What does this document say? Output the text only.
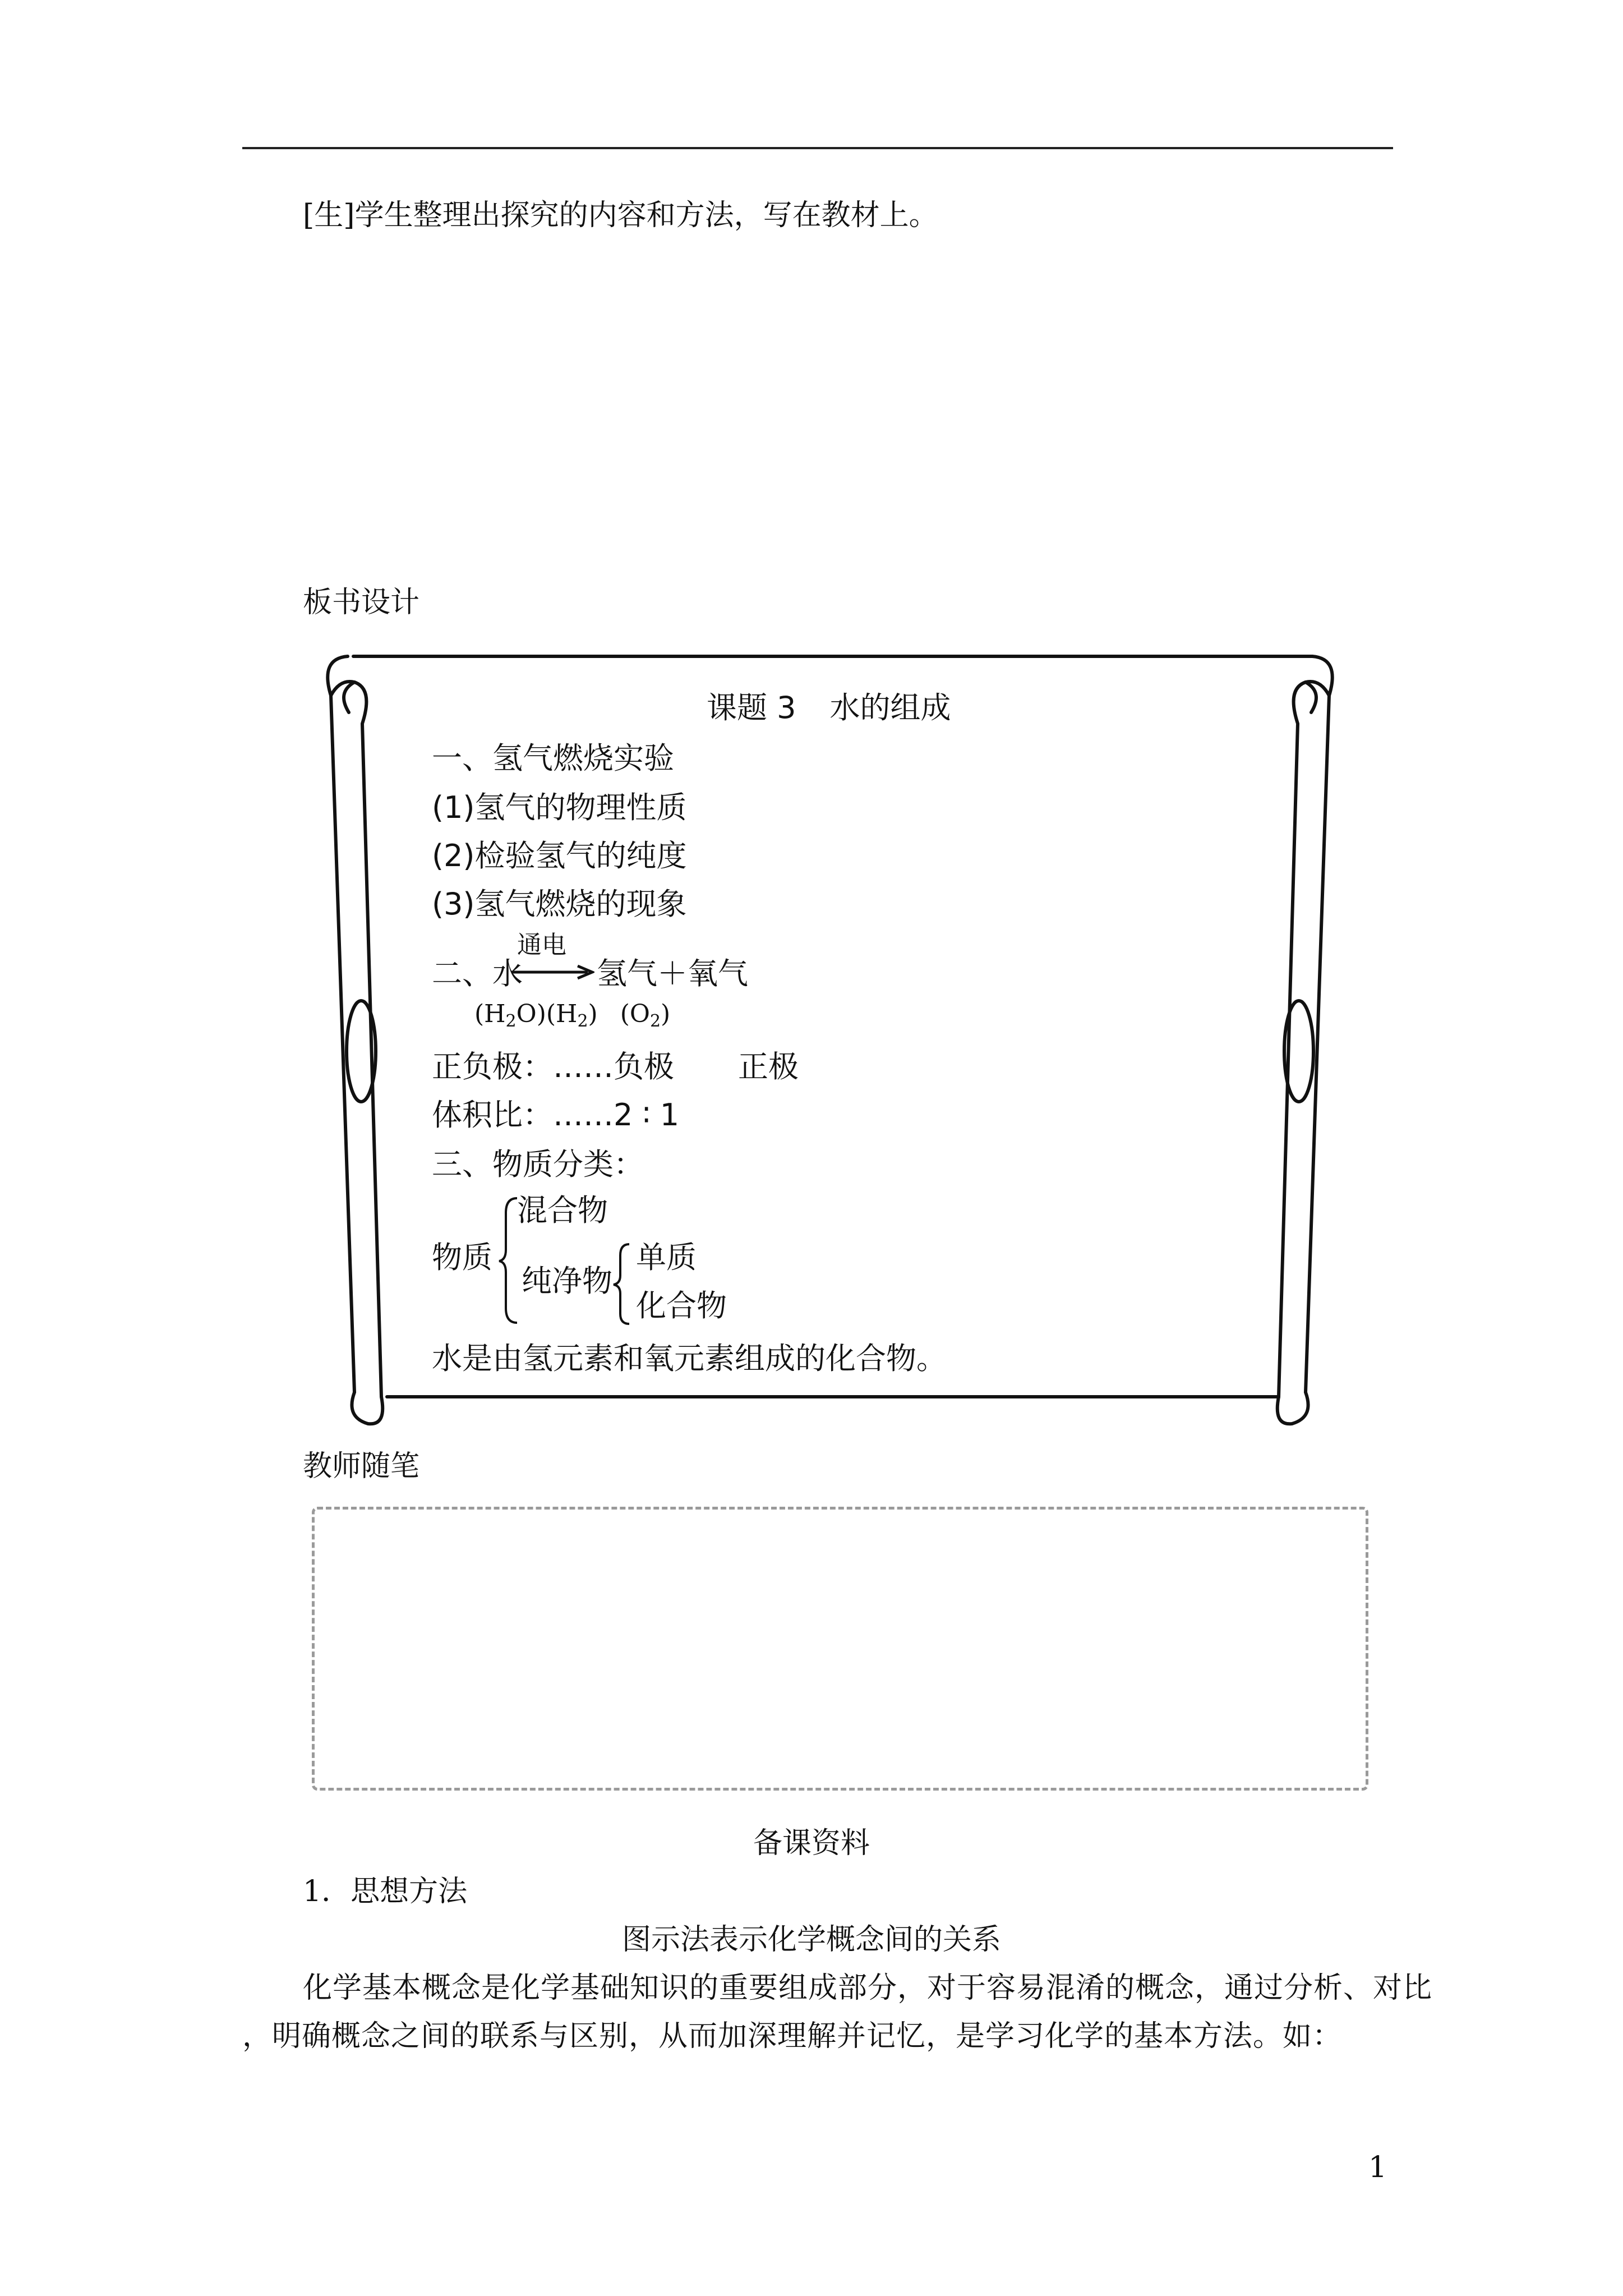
[生]学生整理出探究的内容和方法，写在教材上。
板书设计
课题 3 水的组成
一、氢气燃烧实验
(1)氢气的物理性质
(2)检验氢气的纯度
(3)氢气燃烧的现象
二、水
通电
氢气＋氧气
$(H_2O)(H_2)$ $(O_2)$
正负极：……负极 正极
体积比：……2 ∶ 1
三、物质分类：
混合物
物质
纯净物
单质
化合物
水是由氢元素和氧元素组成的化合物。
教师随笔
备课资料
1．思想方法
图示法表示化学概念间的关系
化学基本概念是化学基础知识的重要组成部分，对于容易混淆的概念，通过分析、对比
，明确概念之间的联系与区别，从而加深理解并记忆，是学习化学的基本方法。如：
1
